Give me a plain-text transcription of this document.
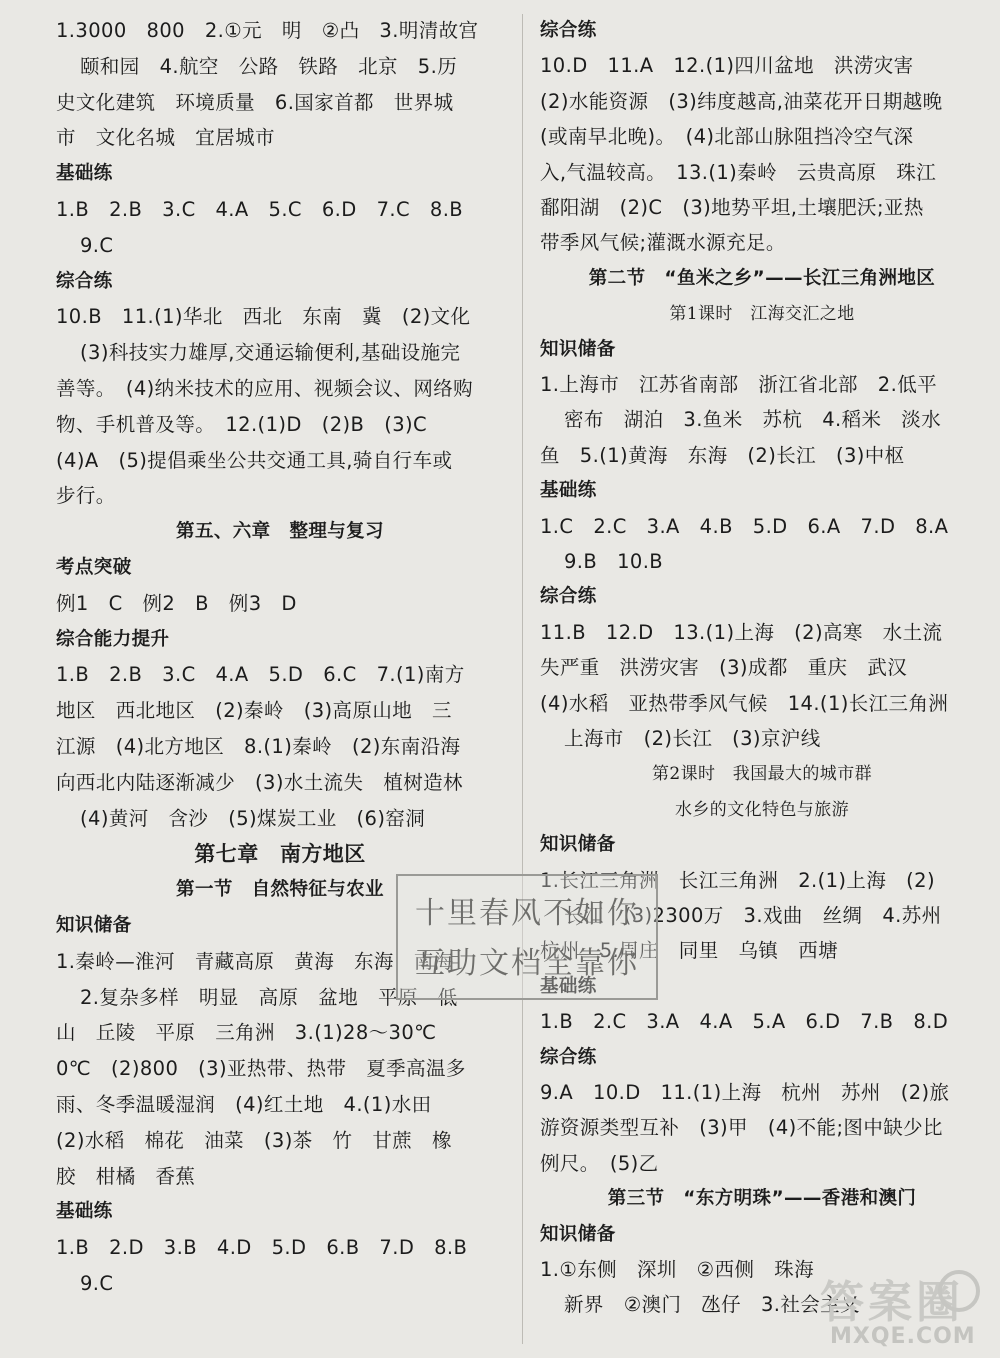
1.3000　800　2.①元　明　②凸　3.明清故宫
颐和园　4.航空　公路　铁路　北京　5.历
史文化建筑　环境质量　6.国家首都　世界城
市　文化名城　宜居城市
基础练
1.B　2.B　3.C　4.A　5.C　6.D　7.C　8.B
9.C
综合练
10.B　11.(1)华北　西北　东南　冀　(2)文化
(3)科技实力雄厚,交通运输便利,基础设施完
善等。　(4)纳米技术的应用、视频会议、网络购
物、手机普及等。　12.(1)D　(2)B　(3)C
(4)A　(5)提倡乘坐公共交通工具,骑自行车或
步行。
第五、六章　整理与复习
考点突破
例1　C　例2　B　例3　D
综合能力提升
1.B　2.B　3.C　4.A　5.D　6.C　7.(1)南方
地区　西北地区　(2)秦岭　(3)高原山地　三
江源　(4)北方地区　8.(1)秦岭　(2)东南沿海
向西北内陆逐渐减少　(3)水土流失　植树造林
(4)黄河　含沙　(5)煤炭工业　(6)窑洞
第七章　南方地区
第一节　自然特征与农业
知识储备
1.秦岭—淮河　青藏高原　黄海　东海　南海
2.复杂多样　明显　高原　盆地　平原　低
山　丘陵　平原　三角洲　3.(1)28～30℃
0℃　(2)800　(3)亚热带、热带　夏季高温多
雨、冬季温暖湿润　(4)红土地　4.(1)水田
(2)水稻　棉花　油菜　(3)茶　竹　甘蔗　橡
胶　柑橘　香蕉
基础练
1.B　2.D　3.B　4.D　5.D　6.B　7.D　8.B
9.C
综合练
10.D　11.A　12.(1)四川盆地　洪涝灾害
(2)水能资源　(3)纬度越高,油菜花开日期越晚
(或南早北晚)。　(4)北部山脉阻挡冷空气深
入,气温较高。　13.(1)秦岭　云贵高原　珠江
鄱阳湖　(2)C　(3)地势平坦,土壤肥沃;亚热
带季风气候;灌溉水源充足。
第二节　“鱼米之乡”——长江三角洲地区
第1课时　江海交汇之地
知识储备
1.上海市　江苏省南部　浙江省北部　2.低平
密布　湖泊　3.鱼米　苏杭　4.稻米　淡水
鱼　5.(1)黄海　东海　(2)长江　(3)中枢
基础练
1.C　2.C　3.A　4.B　5.D　6.A　7.D　8.A
9.B　10.B
综合练
11.B　12.D　13.(1)上海　(2)高寒　水土流
失严重　洪涝灾害　(3)成都　重庆　武汉
(4)水稻　亚热带季风气候　14.(1)长江三角洲
上海市　(2)长江　(3)京沪线
第2课时　我国最大的城市群
水乡的文化特色与旅游
知识储备
1.长江三角洲　长江三角洲　2.(1)上海　(2)
长江　(3)2300万　3.戏曲　丝绸　4.苏州
杭州　5.周庄　同里　乌镇　西塘
基础练
1.B　2.C　3.A　4.A　5.A　6.D　7.B　8.D
综合练
9.A　10.D　11.(1)上海　杭州　苏州　(2)旅
游资源类型互补　(3)甲　(4)不能;图中缺少比
例尺。　(5)乙
第三节　“东方明珠”——香港和澳门
知识储备
1.①东侧　深圳　②西侧　珠海
新界　②澳门　氹仔　3.社会主义
十里春风不如你
互助文档全靠你
答案圈
MXQE.COM
